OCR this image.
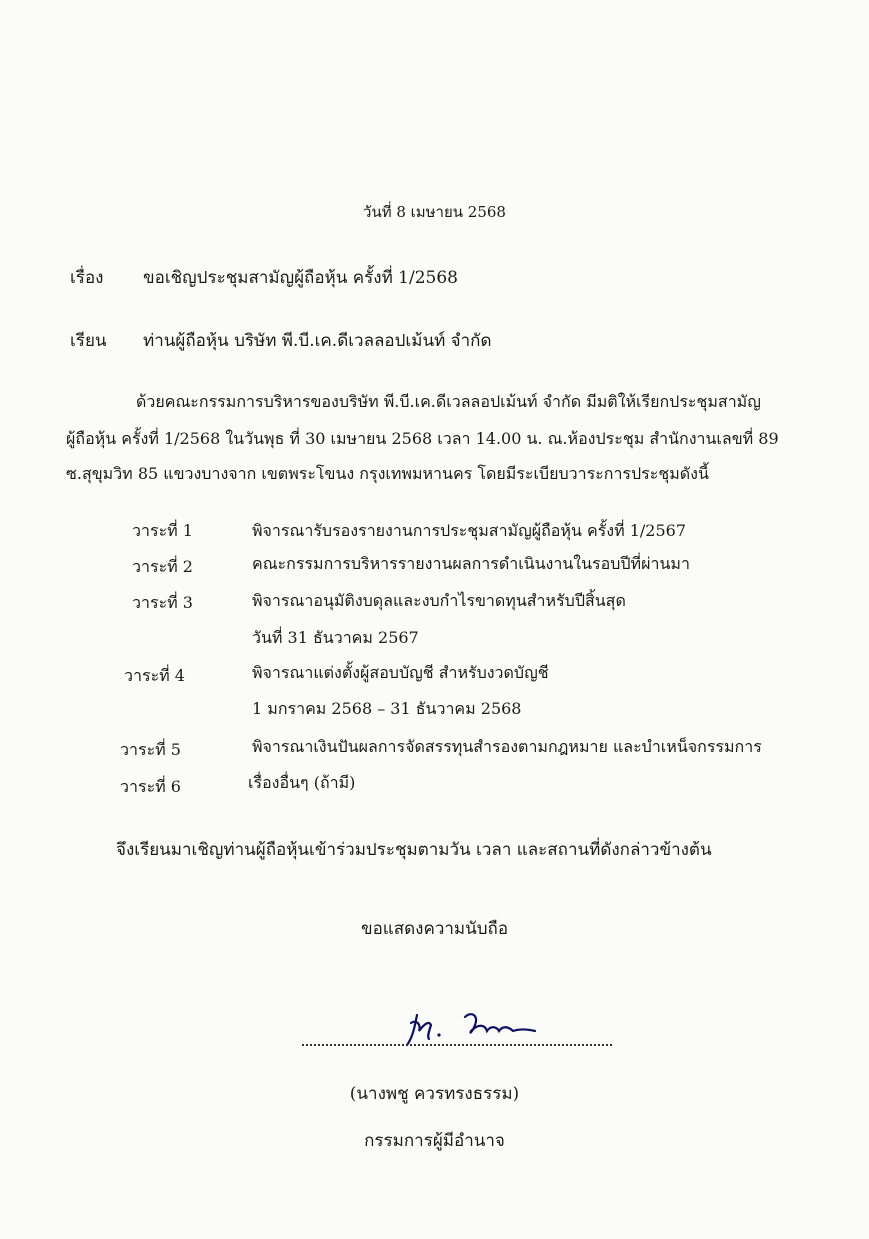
วันที่ 8 เมษายน 2568
เรื่อง ขอเชิญประชุมสามัญผู้ถือหุ้น ครั้งที่ 1/2568
เรียน ท่านผู้ถือหุ้น บริษัท พี.บี.เค.ดีเวลลอปเม้นท์ จำกัด
ด้วยคณะกรรมการบริหารของบริษัท พี.บี.เค.ดีเวลลอปเม้นท์ จำกัด มีมติให้เรียกประชุมสามัญ
ผู้ถือหุ้น ครั้งที่ 1/2568 ในวันพุธ ที่ 30 เมษายน 2568 เวลา 14.00 น. ณ.ห้องประชุม สำนักงานเลขที่ 89
ซ.สุขุมวิท 85 แขวงบางจาก เขตพระโขนง กรุงเทพมหานคร โดยมีระเบียบวาระการประชุมดังนี้
วาระที่ 1	พิจารณารับรองรายงานการประชุมสามัญผู้ถือหุ้น ครั้งที่ 1/2567
วาระที่ 2	คณะกรรมการบริหารรายงานผลการดำเนินงานในรอบปีที่ผ่านมา
วาระที่ 3	พิจารณาอนุมัติงบดุลและงบกำไรขาดทุนสำหรับปีสิ้นสุด
วันที่ 31 ธันวาคม 2567
วาระที่ 4	พิจารณาแต่งตั้งผู้สอบบัญชี สำหรับงวดบัญชี
1 มกราคม 2568 – 31 ธันวาคม 2568
วาระที่ 5	พิจารณาเงินปันผลการจัดสรรทุนสำรองตามกฎหมาย และบำเหน็จกรรมการ
วาระที่ 6	เรื่องอื่นๆ (ถ้ามี)
จึงเรียนมาเชิญท่านผู้ถือหุ้นเข้าร่วมประชุมตามวัน เวลา และสถานที่ดังกล่าวข้างต้น
ขอแสดงความนับถือ
(นางพชู ควรทรงธรรม)
กรรมการผู้มีอำนาจ
